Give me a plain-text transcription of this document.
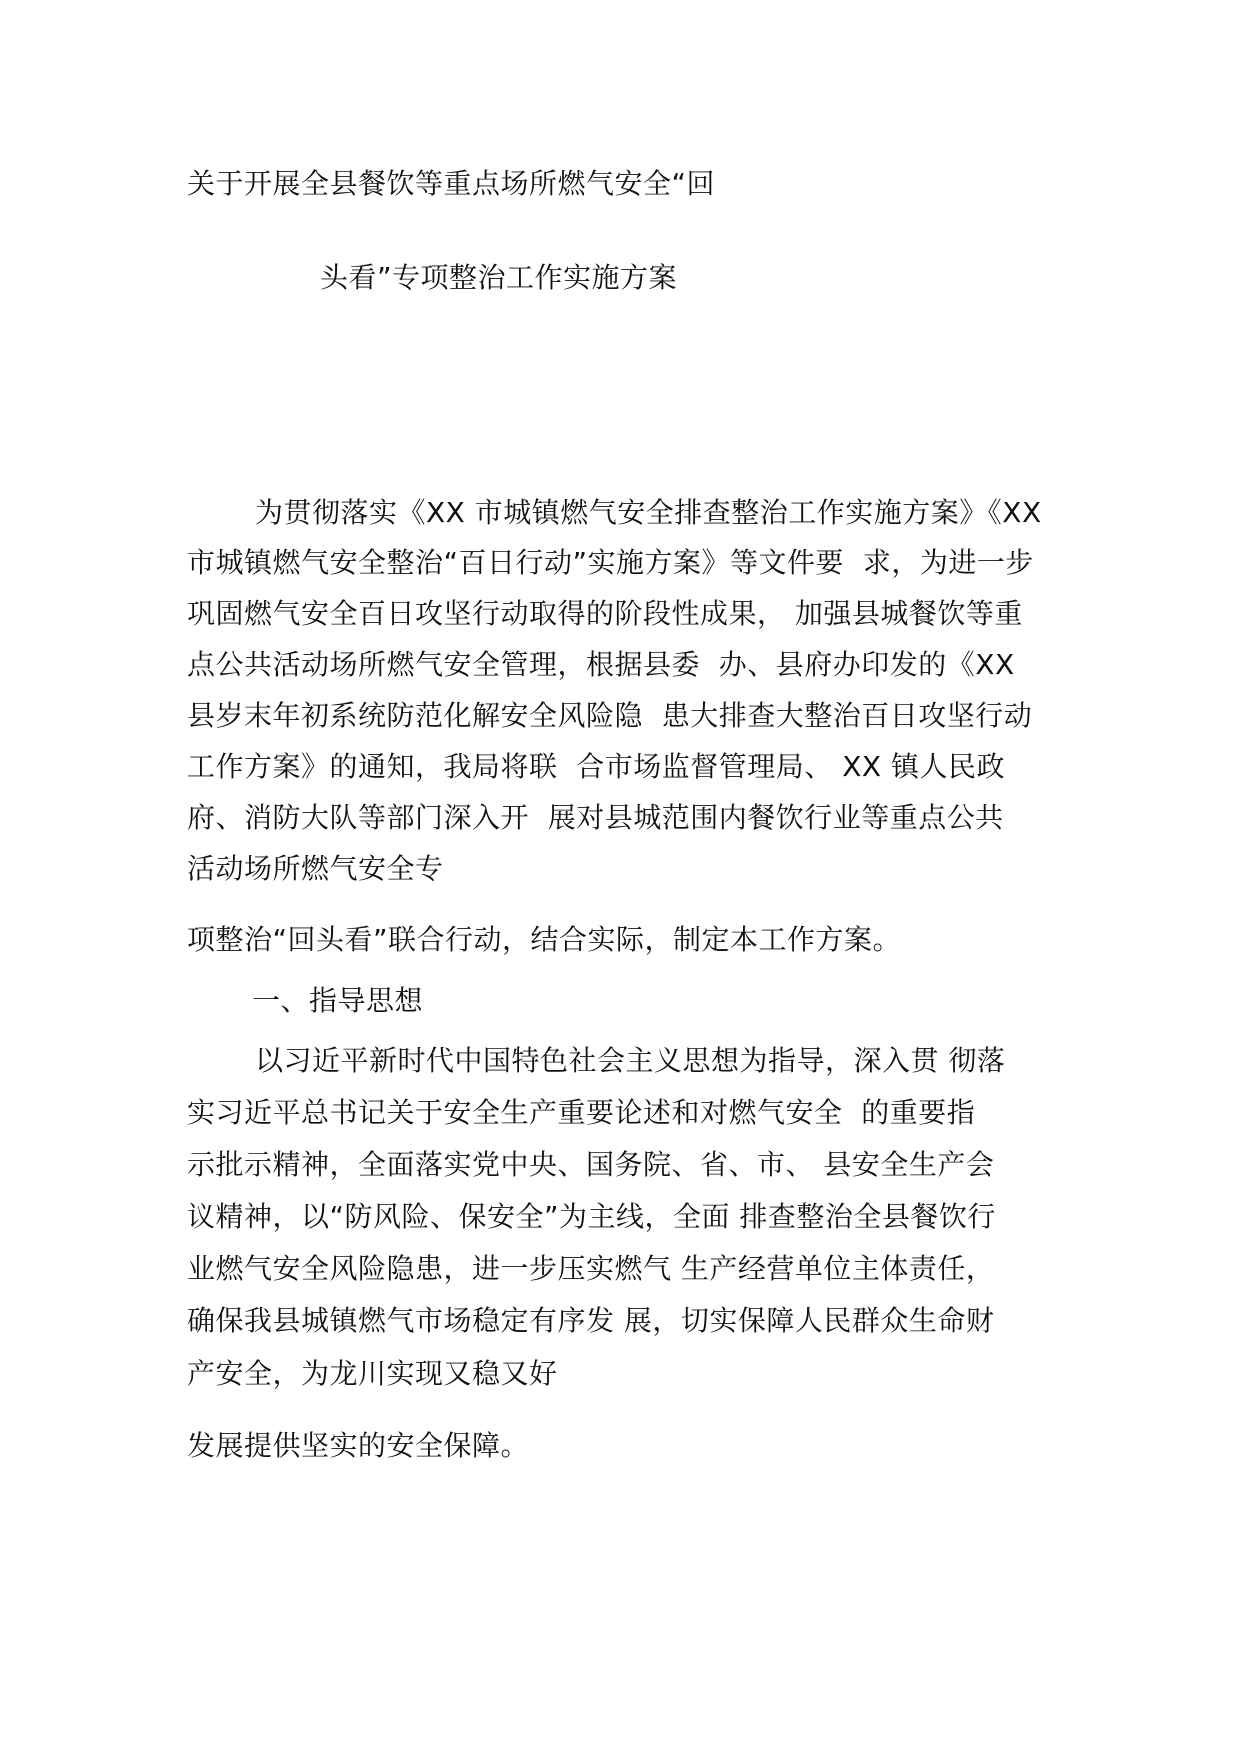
关于开展全县餐饮等重点场所燃气安全“回
头看”专项整治工作实施方案
为贯彻落实《XX 市城镇燃气安全排查整治工作实施方案》《XX
市城镇燃气安全整治“百日行动”实施方案》等文件要  求，为进一步
巩固燃气安全百日攻坚行动取得的阶段性成果， 加强县城餐饮等重
点公共活动场所燃气安全管理，根据县委  办、县府办印发的《XX
县岁末年初系统防范化解安全风险隐  患大排查大整治百日攻坚行动
工作方案》的通知，我局将联  合市场监督管理局、 XX 镇人民政
府、消防大队等部门深入开  展对县城范围内餐饮行业等重点公共
活动场所燃气安全专
项整治“回头看”联合行动，结合实际，制定本工作方案。
一、指导思想
以习近平新时代中国特色社会主义思想为指导，深入贯 彻落
实习近平总书记关于安全生产重要论述和对燃气安全  的重要指
示批示精神，全面落实党中央、国务院、省、市、 县安全生产会
议精神，以“防风险、保安全”为主线，全面 排查整治全县餐饮行
业燃气安全风险隐患，进一步压实燃气 生产经营单位主体责任，
确保我县城镇燃气市场稳定有序发 展，切实保障人民群众生命财
产安全，为龙川实现又稳又好
发展提供坚实的安全保障。
